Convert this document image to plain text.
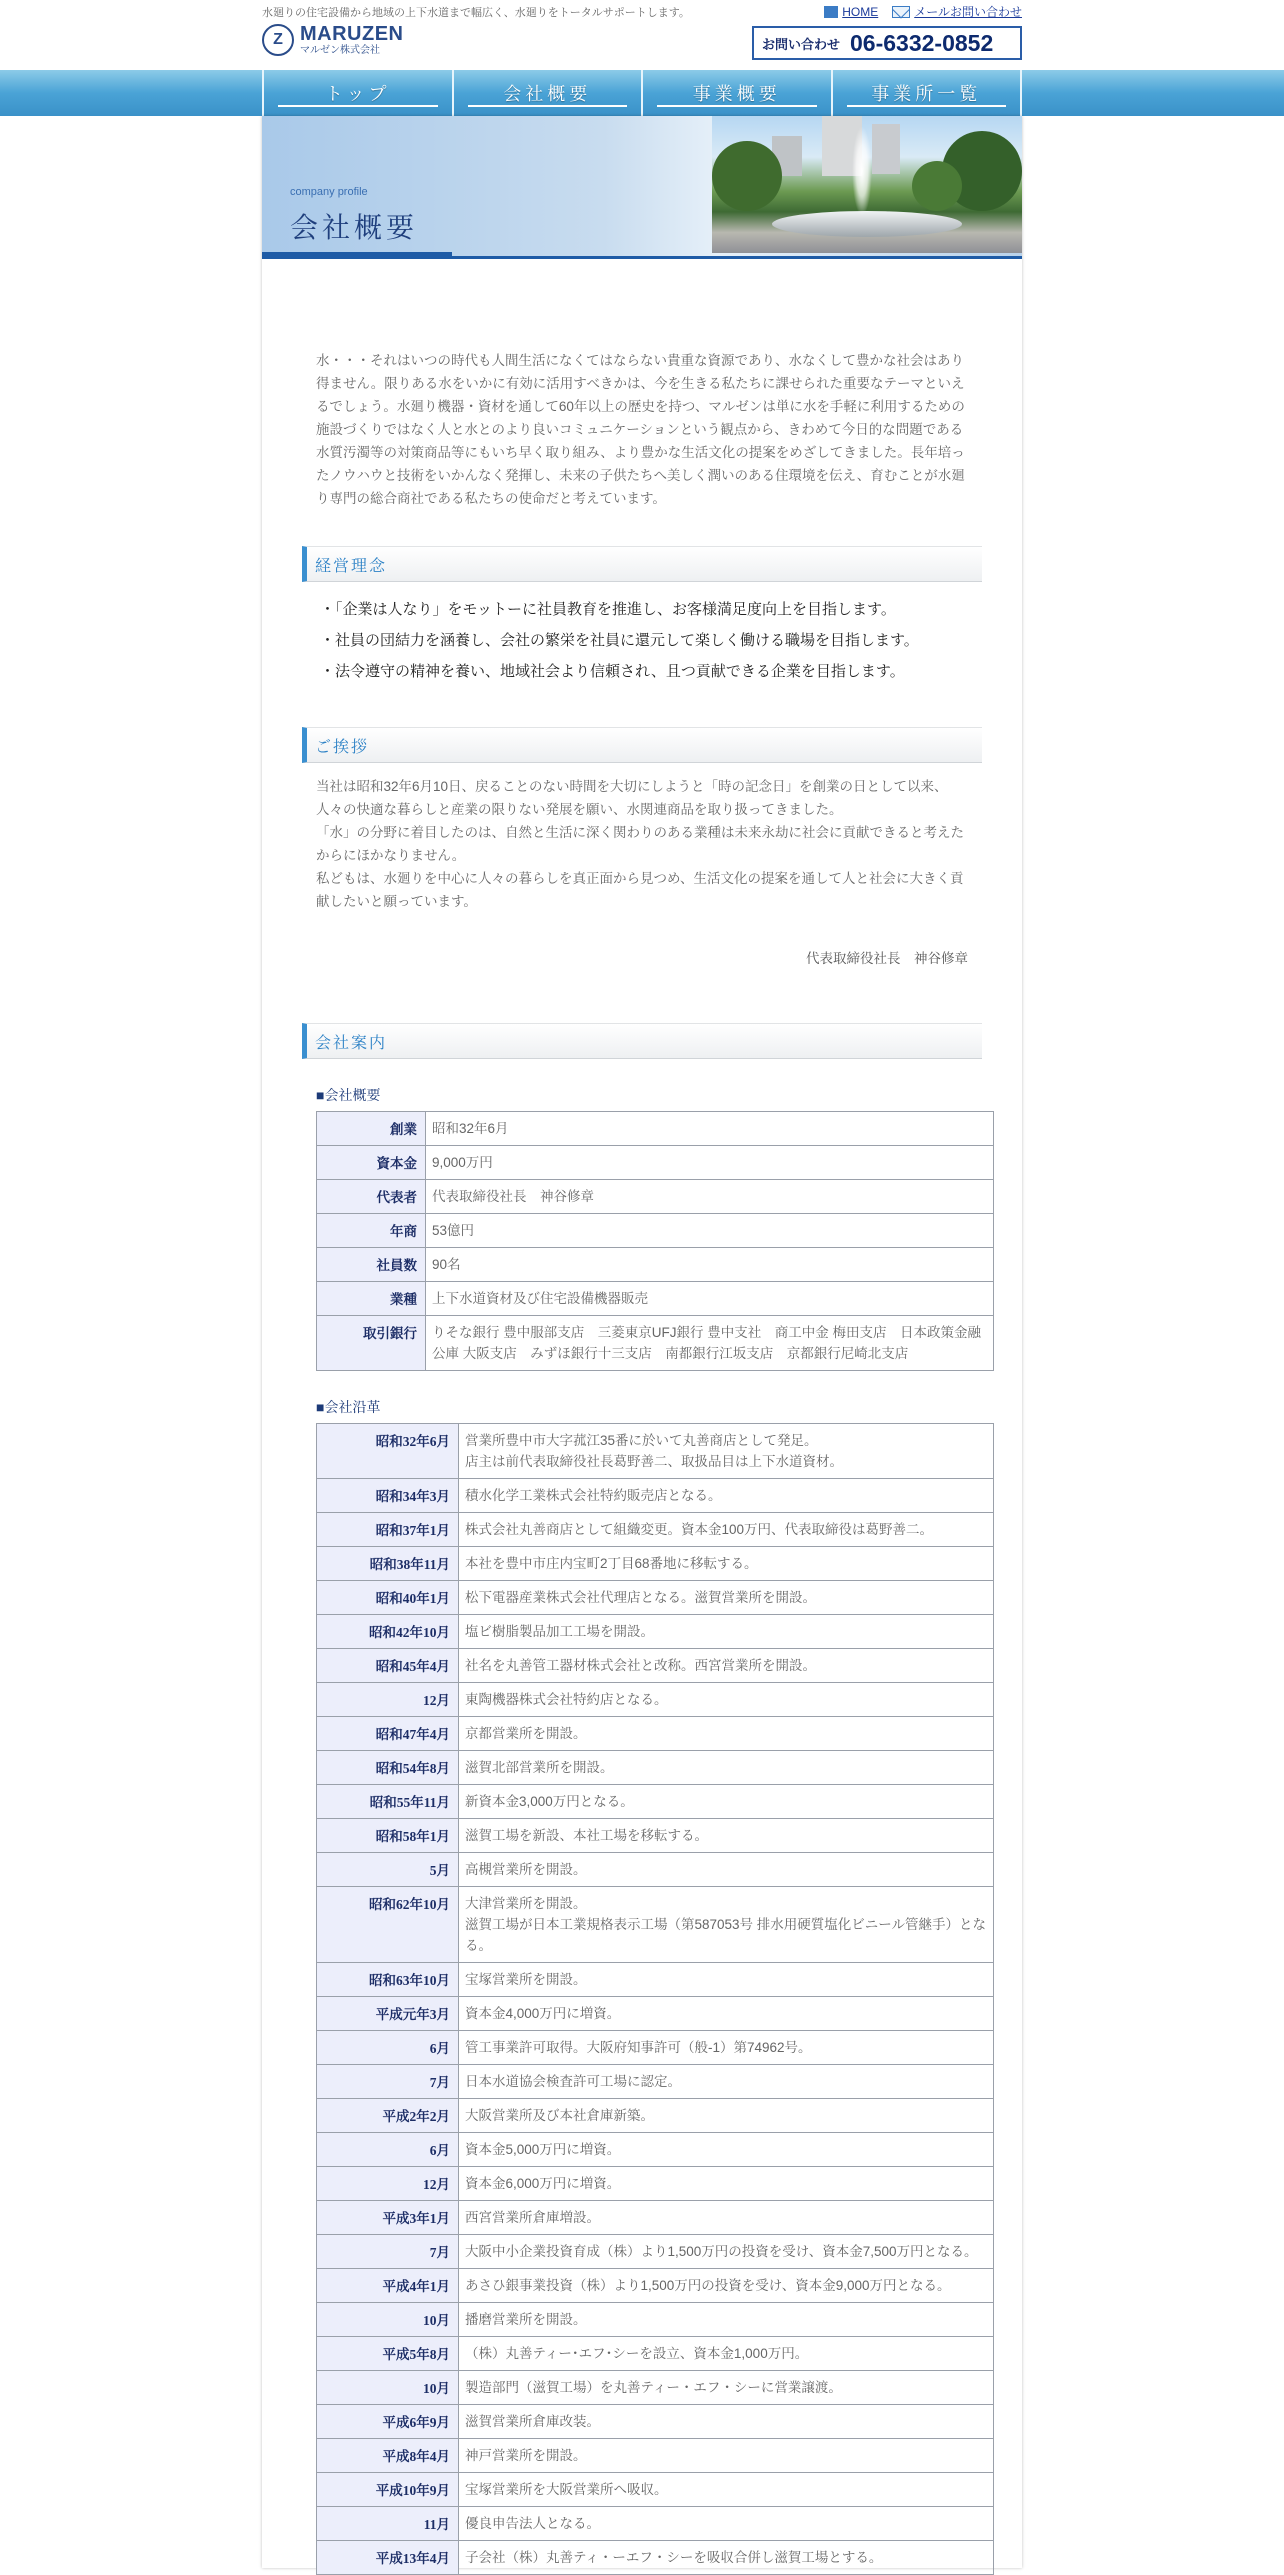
水廻りの住宅設備から地域の上下水道まで幅広く、水廻りをトータルサポートします。
Z MARUZEN
マルゼン株式会社
HOME	メールお問い合わせ
お問い合わせ 06-6332-0852
トップ	会社概要	事業概要	事業所一覧
company profile
会社概要

水・・・それはいつの時代も人間生活になくてはならない貴重な資源であり、水なくして豊かな社会はあり得ません。限りある水をいかに有効に活用すべきかは、今を生きる私たちに課せられた重要なテーマといえるでしょう。水廻り機器・資材を通して60年以上の歴史を持つ、マルゼンは単に水を手軽に利用するための施設づくりではなく人と水とのより良いコミュニケーションという観点から、きわめて今日的な問題である水質汚濁等の対策商品等にもいち早く取り組み、より豊かな生活文化の提案をめざしてきました。長年培ったノウハウと技術をいかんなく発揮し、未来の子供たちへ美しく潤いのある住環境を伝え、育むことが水廻り専門の総合商社である私たちの使命だと考えています。

経営理念
・「企業は人なり」をモットーに社員教育を推進し、お客様満足度向上を目指します。
・社員の団結力を涵養し、会社の繁栄を社員に還元して楽しく働ける職場を目指します。
・法令遵守の精神を養い、地域社会より信頼され、且つ貢献できる企業を目指します。
ご挨拶
当社は昭和32年6月10日、戻ることのない時間を大切にしようと「時の記念日」を創業の日として以来、人々の快適な暮らしと産業の限りない発展を願い、水関連商品を取り扱ってきました。
「水」の分野に着目したのは、自然と生活に深く関わりのある業種は未来永劫に社会に貢献できると考えたからにほかなりません。
私どもは、水廻りを中心に人々の暮らしを真正面から見つめ、生活文化の提案を通して人と社会に大きく貢献したいと願っています。
代表取締役社長　神谷修章
会社案内
■会社概要
創業	昭和32年6月
資本金	9,000万円
代表者	代表取締役社長　神谷修章
年商	53億円
社員数	90名
業種	上下水道資材及び住宅設備機器販売
取引銀行	りそな銀行 豊中服部支店　三菱東京UFJ銀行 豊中支社　商工中金 梅田支店　日本政策金融公庫 大阪支店　みずほ銀行十三支店　南都銀行江坂支店　京都銀行尼崎北支店
■会社沿革
昭和32年6月	営業所豊中市大字菰江35番に於いて丸善商店として発足。
店主は前代表取締役社長葛野善二、取扱品目は上下水道資材。
昭和34年3月	積水化学工業株式会社特約販売店となる。
昭和37年1月	株式会社丸善商店として組織変更。資本金100万円、代表取締役は葛野善二。
昭和38年11月	本社を豊中市庄内宝町2丁目68番地に移転する。
昭和40年1月	松下電器産業株式会社代理店となる。滋賀営業所を開設。
昭和42年10月	塩ビ樹脂製品加工工場を開設。
昭和45年4月	社名を丸善管工器材株式会社と改称。西宮営業所を開設。
12月	東陶機器株式会社特約店となる。
昭和47年4月	京都営業所を開設。
昭和54年8月	滋賀北部営業所を開設。
昭和55年11月	新資本金3,000万円となる。
昭和58年1月	滋賀工場を新設、本社工場を移転する。
5月	高槻営業所を開設。
昭和62年10月	大津営業所を開設。
滋賀工場が日本工業規格表示工場（第587053号 排水用硬質塩化ビニール管継手）となる。
昭和63年10月	宝塚営業所を開設。
平成元年3月	資本金4,000万円に増資。
6月	管工事業許可取得。大阪府知事許可（般-1）第74962号。
7月	日本水道協会検査許可工場に認定。
平成2年2月	大阪営業所及び本社倉庫新築。
6月	資本金5,000万円に増資。
12月	資本金6,000万円に増資。
平成3年1月	西宮営業所倉庫増設。
7月	大阪中小企業投資育成（株）より1,500万円の投資を受け、資本金7,500万円となる。
平成4年1月	あさひ銀事業投資（株）より1,500万円の投資を受け、資本金9,000万円となる。
10月	播磨営業所を開設。
平成5年8月	（株）丸善ティー･エフ･シーを設立、資本金1,000万円。
10月	製造部門（滋賀工場）を丸善ティー・エフ・シーに営業譲渡。
平成6年9月	滋賀営業所倉庫改装。
平成8年4月	神戸営業所を開設。
平成10年9月	宝塚営業所を大阪営業所へ吸収。
11月	優良申告法人となる。
平成13年4月	子会社（株）丸善ティ・ーエフ・シーを吸収合併し滋賀工場とする。
